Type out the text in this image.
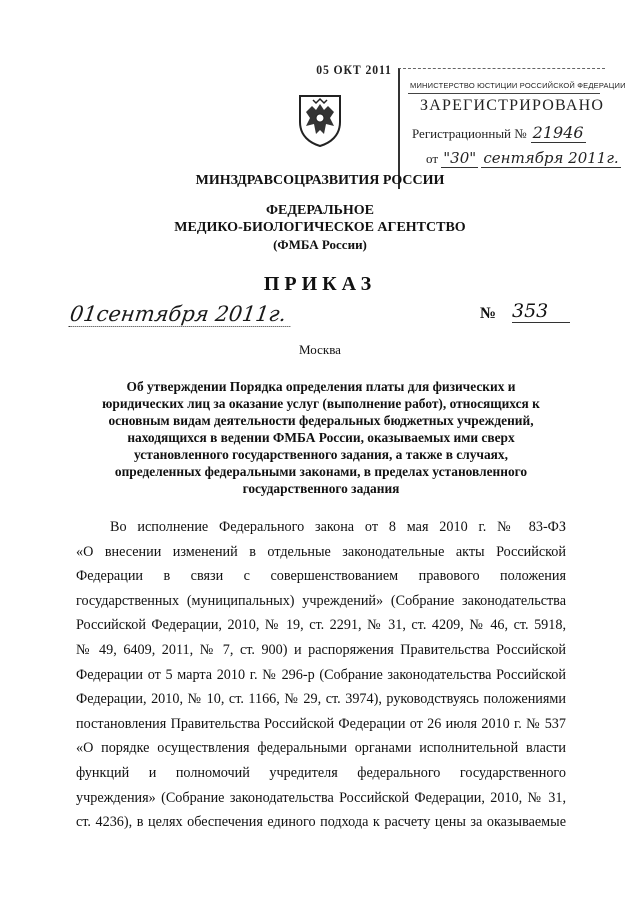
05 ОКТ 2011
МИНИСТЕРСТВО ЮСТИЦИИ РОССИЙСКОЙ ФЕДЕРАЦИИ
ЗАРЕГИСТРИРОВАНО
Регистрационный № 21946
от "30" сентября 2011г.
МИНЗДРАВСОЦРАЗВИТИЯ РОССИИ
ФЕДЕРАЛЬНОЕ
МЕДИКО-БИОЛОГИЧЕСКОЕ АГЕНТСТВО
(ФМБА России)
ПРИКАЗ
01сентября 2011г.	№ 353
Москва
Об утверждении Порядка определения платы для физических и
юридических лиц за оказание услуг (выполнение работ), относящихся к
основным видам деятельности федеральных бюджетных учреждений,
находящихся в ведении ФМБА России, оказываемых ими сверх
установленного государственного задания, а также в случаях,
определенных федеральными законами, в пределах установленного
государственного задания
Во исполнение Федерального закона от 8 мая 2010 г. № 83-ФЗ
«О внесении изменений в отдельные законодательные акты Российской
Федерации в связи с совершенствованием правового положения
государственных (муниципальных) учреждений» (Собрание законодательства
Российской Федерации, 2010, № 19, ст. 2291, № 31, ст. 4209, № 46, ст. 5918,
№ 49, 6409, 2011, № 7, ст. 900) и распоряжения Правительства Российской
Федерации от 5 марта 2010 г. № 296-р (Собрание законодательства Российской
Федерации, 2010, № 10, ст. 1166, № 29, ст. 3974), руководствуясь положениями
постановления Правительства Российской Федерации от 26 июля 2010 г. № 537
«О порядке осуществления федеральными органами исполнительной власти
функций и полномочий учредителя федерального государственного
учреждения» (Собрание законодательства Российской Федерации, 2010, № 31,
ст. 4236), в целях обеспечения единого подхода к расчету цены за оказываемые
